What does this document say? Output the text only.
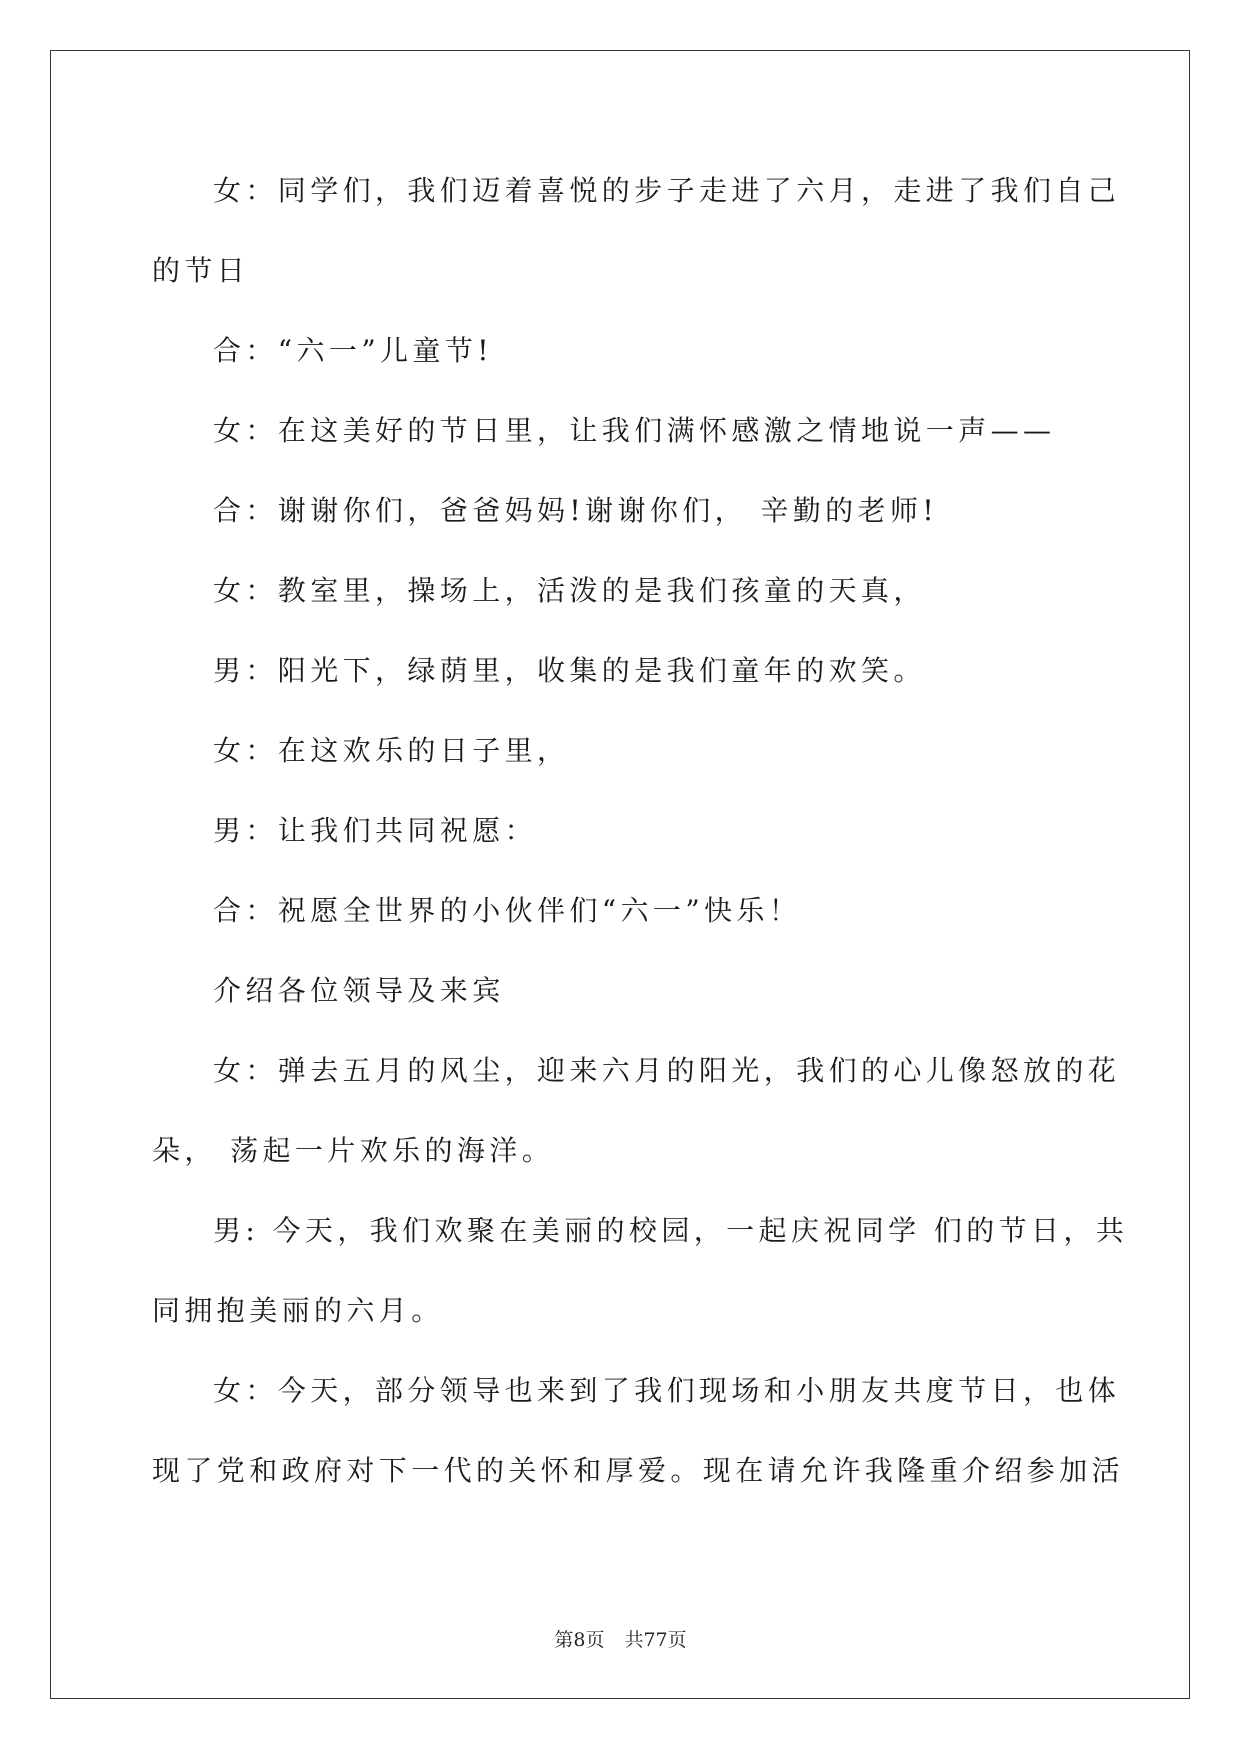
女：同学们，我们迈着喜悦的步子走进了六月，走进了我们自己
的节日
合：“六一”儿童节!
女：在这美好的节日里，让我们满怀感激之情地说一声——
合：谢谢你们，爸爸妈妈!谢谢你们， 辛勤的老师!
女：教室里，操场上，活泼的是我们孩童的天真，
男：阳光下，绿荫里，收集的是我们童年的欢笑。
女：在这欢乐的日子里，
男：让我们共同祝愿：
合：祝愿全世界的小伙伴们“六一”快乐！
介绍各位领导及来宾
女：弹去五月的风尘，迎来六月的阳光，我们的心儿像怒放的花
朵， 荡起一片欢乐的海洋。
男: 今天，我们欢聚在美丽的校园，一起庆祝同学 们的节日，共
同拥抱美丽的六月。
女：今天，部分领导也来到了我们现场和小朋友共度节日，也体
现了党和政府对下一代的关怀和厚爱。现在请允许我隆重介绍参加活
第8页 共77页
